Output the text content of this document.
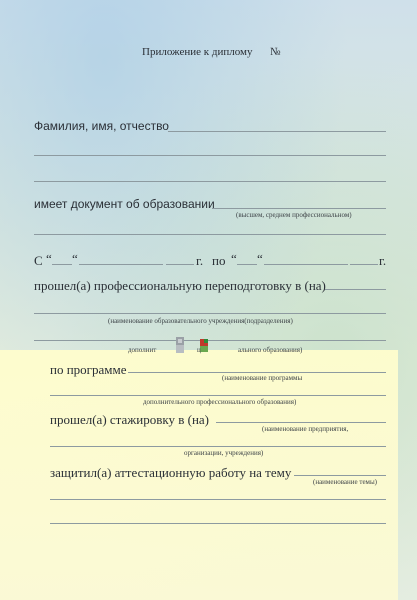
Приложение к диплому №
Фамилия, имя, отчество
имеет документ об образовании
(высшем, среднем профессиональном)
С “ “	г. по “ “	г.
прошел(а) профессиональную переподготовку в (на)
(наименование образовательного учреждения(подразделения)
дополнит	ц	ального образования)
по программе
(наименование программы
дополнительного профессионального образования)
прошел(а) стажировку в (на)
(наименование предприятия,
организации, учреждения)
защитил(а) аттестационную работу на тему
(наименование темы)
